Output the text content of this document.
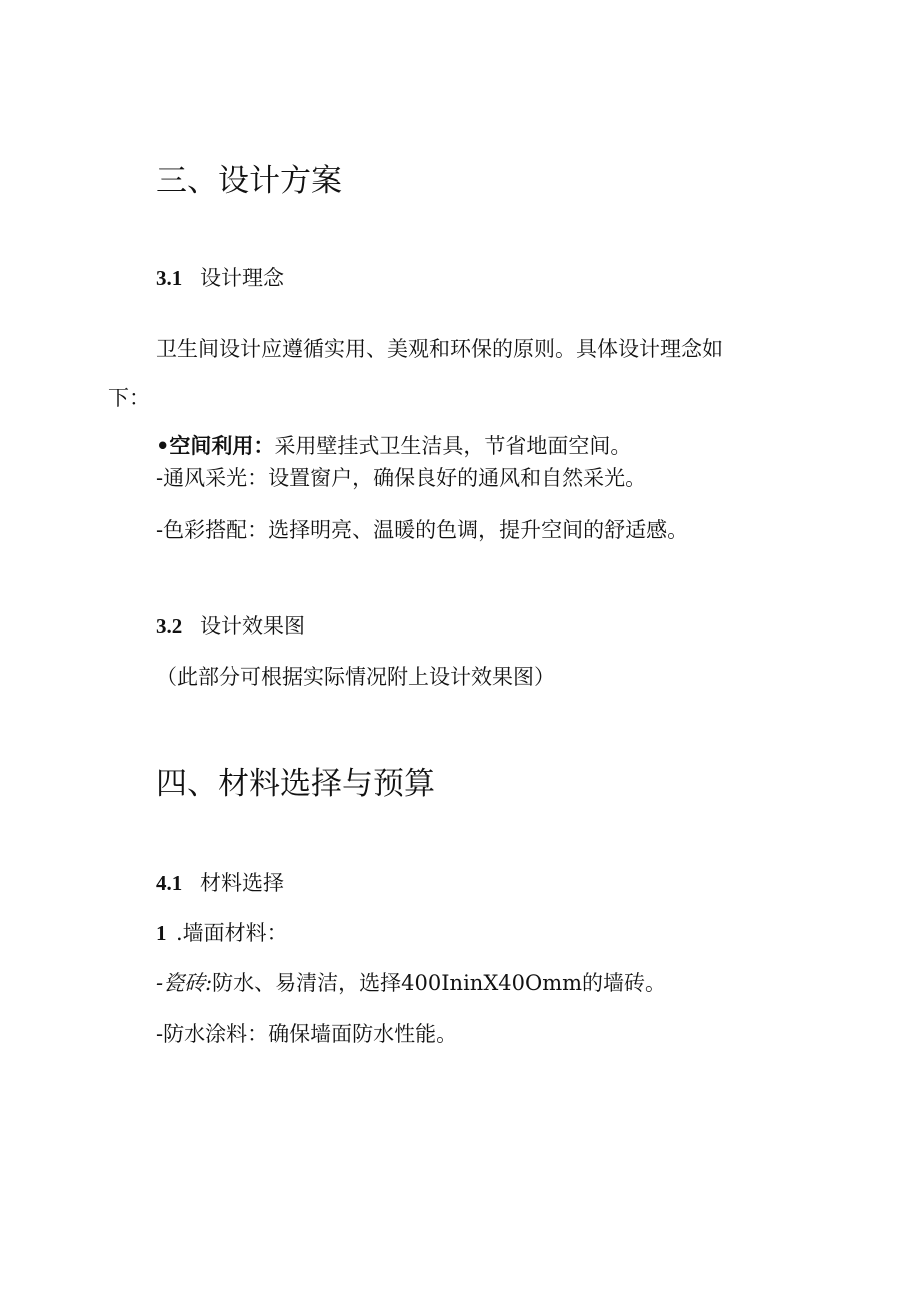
三、设计方案
3.1 设计理念
卫生间设计应遵循实用、美观和环保的原则。具体设计理念如
下：
•空间利用：采用壁挂式卫生洁具，节省地面空间。
-通风采光：设置窗户，确保良好的通风和自然采光。
-色彩搭配：选择明亮、温暖的色调，提升空间的舒适感。
3.2 设计效果图
（此部分可根据实际情况附上设计效果图）
四、材料选择与预算
4.1 材料选择
1 .墙面材料：
-瓷砖:防水、易清洁，选择400IninX40Omm的墙砖。
-防水涂料：确保墙面防水性能。
